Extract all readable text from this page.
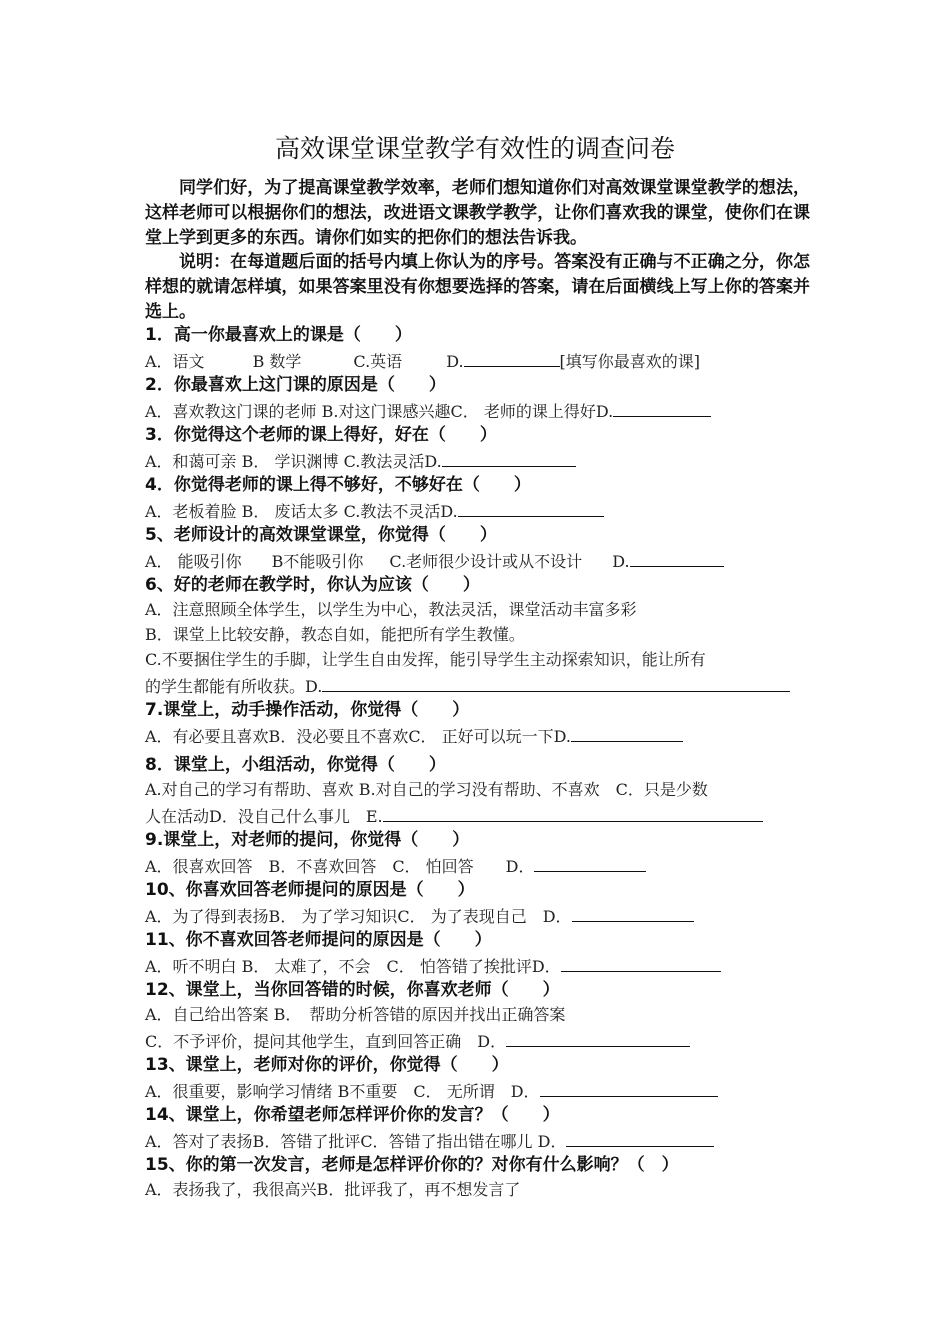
高效课堂课堂教学有效性的调查问卷

同学们好，为了提高课堂教学效率，老师们想知道你们对高效课堂课堂教学的想法，这样老师可以根据你们的想法，改进语文课教学教学，让你们喜欢我的课堂，使你们在课堂上学到更多的东西。请你们如实的把你们的想法告诉我。

说明：在每道题后面的括号内填上你认为的序号。答案没有正确与不正确之分，你怎样想的就请怎样填，如果答案里没有你想要选择的答案，请在后面横线上写上你的答案并选上。

1．高一你最喜欢上的课是（　　）
A．语文	B 数学	C.英语	D.	[填写你最喜欢的课]
2．你最喜欢上这门课的原因是（　　）
A．喜欢教这门课的老师 B.对这门课感兴趣C． 老师的课上得好D.
3．你觉得这个老师的课上得好，好在（　　）
A．和蔼可亲 B． 学识渊博 C.教法灵活D.
4．你觉得老师的课上得不够好，不够好在（　　）
A．老板着脸 B． 废话太多 C.教法不灵活D.
5、老师设计的高效课堂课堂，你觉得（　　）
A． 能吸引你 B不能吸引你 C.老师很少设计或从不设计 D.
6、好的老师在教学时，你认为应该（　　）
A．注意照顾全体学生，以学生为中心，教法灵活，课堂活动丰富多彩
B．课堂上比较安静，教态自如，能把所有学生教懂。
C.不要捆住学生的手脚，让学生自由发挥，能引导学生主动探索知识，能让所有
的学生都能有所收获。D.
7.课堂上，动手操作活动，你觉得（　　）
A．有必要且喜欢B．没必要且不喜欢C． 正好可以玩一下D.
8．课堂上，小组活动，你觉得（　　）
A.对自己的学习有帮助、喜欢 B.对自己的学习没有帮助、不喜欢　C．只是少数
人在活动D．没自己什么事儿　E.
9.课堂上，对老师的提问，你觉得（　　）
A．很喜欢回答　B．不喜欢回答　C． 怕回答　　D．
10、你喜欢回答老师提问的原因是（　　）
A．为了得到表扬B． 为了学习知识C． 为了表现自己　D．
11、你不喜欢回答老师提问的原因是（　　）
A．听不明白 B． 太难了，不会　C． 怕答错了挨批评D．
12、课堂上，当你回答错的时候，你喜欢老师（　　）
A．自己给出答案 B．　帮助分析答错的原因并找出正确答案
C．不予评价，提问其他学生，直到回答正确　D．
13、课堂上，老师对你的评价，你觉得（　　）
A．很重要，影响学习情绪 B不重要　C． 无所谓　D．
14、课堂上，你希望老师怎样评价你的发言？（　　）
A．答对了表扬B．答错了批评C．答错了指出错在哪儿 D．
15、你的第一次发言，老师是怎样评价你的？对你有什么影响？（　）
A．表扬我了，我很高兴B．批评我了，再不想发言了
